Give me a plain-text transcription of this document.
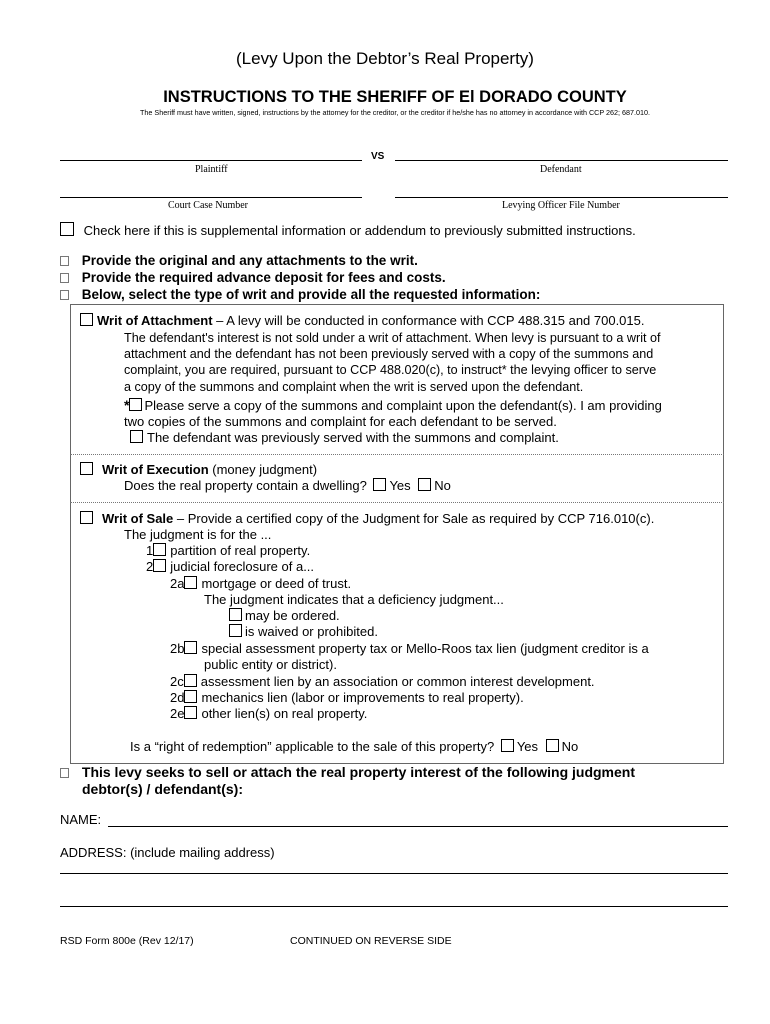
(Levy Upon the Debtor’s Real Property)
INSTRUCTIONS TO THE SHERIFF OF El DORADO COUNTY
The Sheriff must have written, signed, instructions by the attorney for the creditor, or the creditor if he/she has no attorney in accordance with CCP 262; 687.010.
VS
Plaintiff	Defendant
Court Case Number	Levying Officer File Number
Check here if this is supplemental information or addendum to previously submitted instructions.
Provide the original and any attachments to the writ.
Provide the required advance deposit for fees and costs.
Below, select the type of writ and provide all the requested information:
Writ of Attachment – A levy will be conducted in conformance with CCP 488.315 and 700.015.
The defendant's interest is not sold under a writ of attachment. When levy is pursuant to a writ of
attachment and the defendant has not been previously served with a copy of the summons and
complaint, you are required, pursuant to CCP 488.020(c), to instruct* the levying officer to serve
a copy of the summons and complaint when the writ is served upon the defendant.
* Please serve a copy of the summons and complaint upon the defendant(s). I am providing
two copies of the summons and complaint for each defendant to be served.
The defendant was previously served with the summons and complaint.
Writ of Execution (money judgment)
Does the real property contain a dwelling? Yes No
Writ of Sale – Provide a certified copy of the Judgment for Sale as required by CCP 716.010(c).
The judgment is for the ...
1 partition of real property.
2 judicial foreclosure of a...
2a mortgage or deed of trust.
The judgment indicates that a deficiency judgment...
may be ordered.
is waived or prohibited.
2b special assessment property tax or Mello-Roos tax lien (judgment creditor is a
public entity or district).
2c assessment lien by an association or common interest development.
2d mechanics lien (labor or improvements to real property).
2e other lien(s) on real property.
Is a “right of redemption” applicable to the sale of this property? Yes No
This levy seeks to sell or attach the real property interest of the following judgment
debtor(s) / defendant(s):
NAME:
ADDRESS: (include mailing address)
RSD Form 800e (Rev 12/17)	CONTINUED ON REVERSE SIDE
